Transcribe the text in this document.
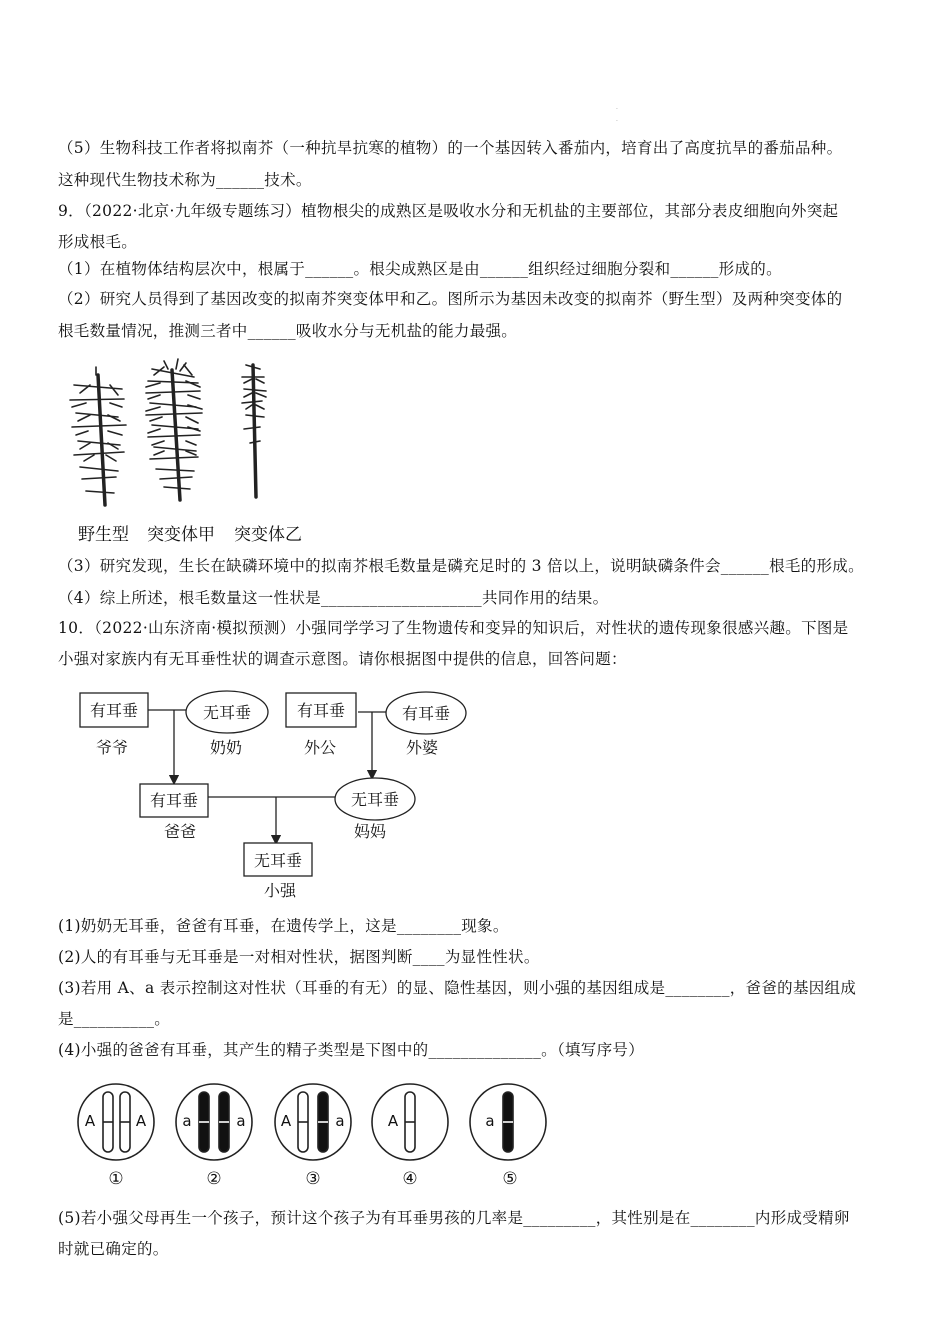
·
·
（5）生物科技工作者将拟南芥（一种抗旱抗寒的植物）的一个基因转入番茄内，培育出了高度抗旱的番茄品种。
这种现代生物技术称为______技术。
9．（2022·北京·九年级专题练习）植物根尖的成熟区是吸收水分和无机盐的主要部位，其部分表皮细胞向外突起
形成根毛。
（1）在植物体结构层次中，根属于______。根尖成熟区是由______组织经过细胞分裂和______形成的。
（2）研究人员得到了基因改变的拟南芥突变体甲和乙。图所示为基因未改变的拟南芥（野生型）及两种突变体的
根毛数量情况，推测三者中______吸收水分与无机盐的能力最强。
野生型 突变体甲 突变体乙
（3）研究发现，生长在缺磷环境中的拟南芥根毛数量是磷充足时的 3 倍以上，说明缺磷条件会______根毛的形成。
（4）综上所述，根毛数量这一性状是____________________共同作用的结果。
10．（2022·山东济南·模拟预测）小强同学学习了生物遗传和变异的知识后，对性状的遗传现象很感兴趣。下图是
小强对家族内有无耳垂性状的调查示意图。请你根据图中提供的信息，回答问题：
有耳垂	无耳垂	有耳垂	有耳垂
有耳垂	无耳垂
无耳垂
爷爷	奶奶	外公	外婆
爸爸	妈妈
小强
(1)奶奶无耳垂，爸爸有耳垂，在遗传学上，这是________现象。
(2)人的有耳垂与无耳垂是一对相对性状，据图判断____为显性性状。
(3)若用 A、a 表示控制这对性状（耳垂的有无）的显、隐性基因，则小强的基因组成是________，爸爸的基因组成
是__________。
(4)小强的爸爸有耳垂，其产生的精子类型是下图中的______________。（填写序号）
A	A a	a A	a	A	a
①	②	③	④	⑤
(5)若小强父母再生一个孩子，预计这个孩子为有耳垂男孩的几率是_________，其性别是在________内形成受精卵
时就已确定的。
